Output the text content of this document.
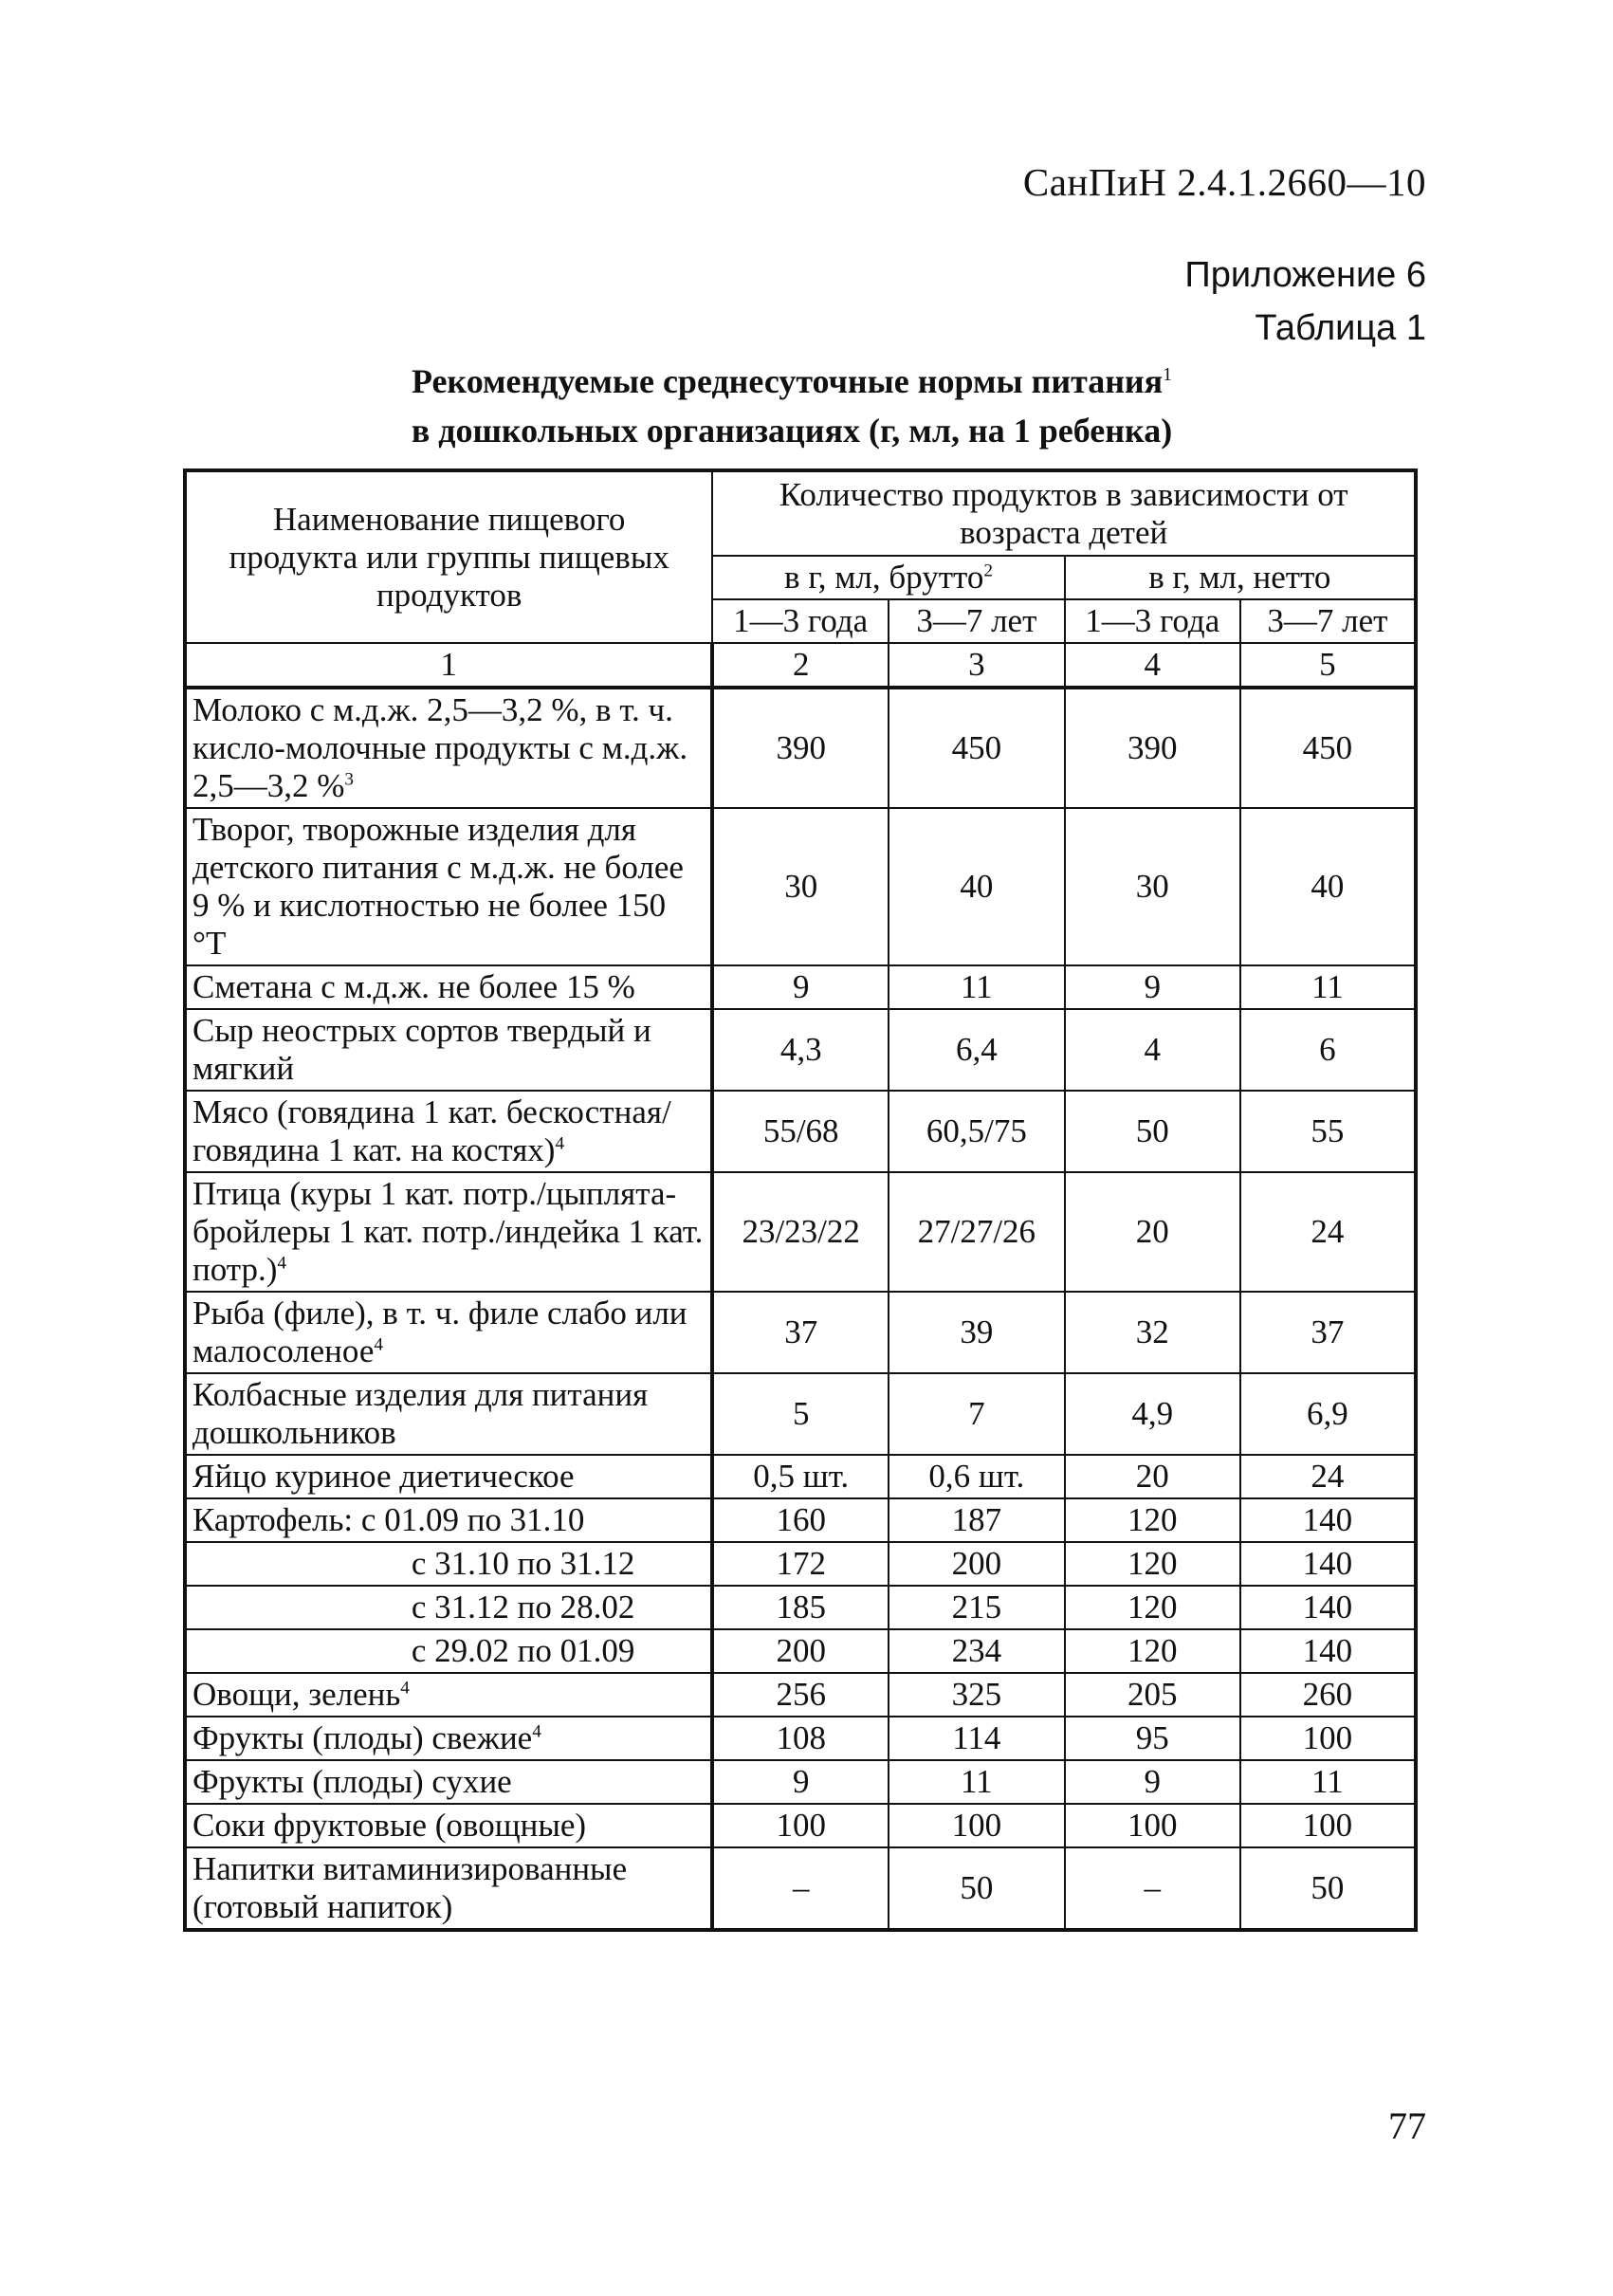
СанПиН 2.4.1.2660—10
Приложение 6
Таблица 1
Рекомендуемые среднесуточные нормы питания$^1$
в дошкольных организациях (г, мл, на 1 ребенка)
Наименование пищевого продукта или группы пищевых продуктов	Количество продуктов в зависимости от возраста детей			
	в г, мл, брутто$^2$		в г, мл, нетто	
	1—3 года	3—7 лет	1—3 года	3—7 лет
1	2	3	4	5
Молоко с м.д.ж. 2,5—3,2 %, в т. ч. кисло-молочные продукты с м.д.ж. 2,5—3,2 %$^3$	390	450	390	450
Творог, творожные изделия для детского питания с м.д.ж. не более 9 % и кислотностью не более 150 °Т	30	40	30	40
Сметана с м.д.ж. не более 15 %	9	11	9	11
Сыр неострых сортов твердый и мягкий	4,3	6,4	4	6
Мясо (говядина 1 кат. бескостная/говядина 1 кат. на костях)$^4$	55/68	60,5/75	50	55
Птица (куры 1 кат. потр./цыплята-бройлеры 1 кат. потр./индейка 1 кат. потр.)$^4$	23/23/22	27/27/26	20	24
Рыба (филе), в т. ч. филе слабо или малосоленое$^4$	37	39	32	37
Колбасные изделия для питания дошкольников	5	7	4,9	6,9
Яйцо куриное диетическое	0,5 шт.	0,6 шт.	20	24
Картофель: с 01.09 по 31.10	160	187	120	140
с 31.10 по 31.12	172	200	120	140
с 31.12 по 28.02	185	215	120	140
с 29.02 по 01.09	200	234	120	140
Овощи, зелень$^4$	256	325	205	260
Фрукты (плоды) свежие$^4$	108	114	95	100
Фрукты (плоды) сухие	9	11	9	11
Соки фруктовые (овощные)	100	100	100	100
Напитки витаминизированные (готовый напиток)	–	50	–	50
77
